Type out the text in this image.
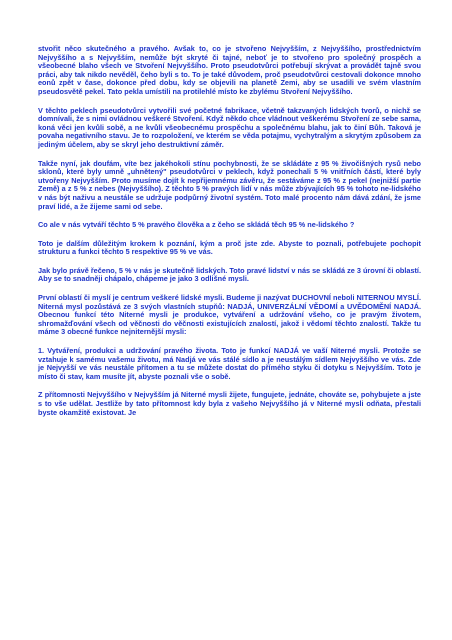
stvořit něco skutečného a pravého. Avšak to, co je stvořeno Nejvyšším, z Nejvyššího, prostřednictvím Nejvyššího a s Nejvyšším, nemůže být skryté či tajné, neboť je to stvořeno pro společný prospěch a všeobecné blaho všech ve Stvoření Nejvyššího. Proto pseudotvůrci potřebují skrývat a provádět tajně svou práci, aby tak nikdo nevěděl, čeho byli s to. To je také důvodem, proč pseudotvůrci cestovali dokonce mnoho eonů zpět v čase, dokonce před dobu, kdy se objevili na planetě Zemi, aby se usadili ve svém vlastním pseudosvětě pekel. Tato pekla umístili na protilehlé místo ke zbylému Stvoření Nejvyššího.

V těchto peklech pseudotvůrci vytvořili své početné fabrikace, včetně takzvaných lidských tvorů, o nichž se domnívali, že s nimi ovládnou veškeré Stvoření. Když někdo chce vládnout veškerému Stvoření ze sebe sama, koná věci jen kvůli sobě, a ne kvůli všeobecnému prospěchu a společnému blahu, jak to činí Bůh. Taková je povaha negativního stavu. Je to rozpoložení, ve kterém se věda potajmu, vychytralým a skrytým způsobem za jediným účelem, aby se skryl jeho destruktivní záměr.

Takže nyní, jak doufám, víte bez jakéhokoli stínu pochybnosti, že se skládáte z 95 % živočišných rysů nebo sklonů, které byly umně „uhnětený" pseudotvůrci v peklech, když ponechali 5 % vnitřních částí, které byly utvořeny Nejvyšším. Proto musíme dojít k nepřijemnému závěru, že sestáváme z 95 % z pekel (nejnižší partie Země) a z 5 % z nebes (Nejvyššího). Z těchto 5 % pravých lidí v nás může zbývajících 95 % tohoto ne-lidského v nás být naživu a neustále se udržuje podpůrný životní systém. Toto malé procento nám dává zdání, že jsme praví lidé, a že žijeme sami od sebe.

Co ale v nás vytváří těchto 5 % pravého člověka a z čeho se skládá těch 95 % ne-lidského ?

Toto je dalším důležitým krokem k poznání, kým a proč jste zde. Abyste to poznali, potřebujete pochopit strukturu a funkci těchto 5 respektive 95 % ve vás.

Jak bylo právě řečeno, 5 % v nás je skutečně lidských. Toto pravé lidství v nás se skládá ze 3 úrovní či oblastí. Aby se to snadněji chápalo, chápeme je jako 3 odlišné mysli.

První oblastí či myslí je centrum veškeré lidské mysli. Budeme ji nazývat DUCHOVNÍ neboli NITERNOU MYSLÍ. Niterná mysl pozůstává ze 3 svých vlastních stupňů: NADJÁ, UNIVERZÁLNÍ VĚDOMÍ a UVĚDOMĚNÍ NADJÁ. Obecnou funkcí této Niterné mysli je produkce, vytváření a udržování všeho, co je pravým životem, shromažďování všech od věčnosti do věčnosti existujících znalostí, jakož i vědomí těchto znalostí. Takže tu máme 3 obecné funkce nejniternější mysli:

1. Vytváření, produkci a udržování pravého života. Toto je funkcí NADJÁ ve vaší Niterné mysli. Protože se vztahuje k samému vašemu životu, má Nadjá ve vás stálé sídlo a je neustálým sídlem Nejvyššího ve vás. Zde je Nejvyšší ve vás neustále přítomen a tu se můžete dostat do přímého styku či dotyku s Nejvyšším. Toto je místo či stav, kam musíte jít, abyste poznali vše o sobě.

Z přítomnosti Nejvyššího v Nejvyšším já Niterné mysli žijete, fungujete, jednáte, chováte se, pohybujete a jste s to vše udělat. Jestliže by tato přítomnost kdy byla z vašeho Nejvyššího já v Niterné mysli odňata, přestali byste okamžitě existovat. Je
